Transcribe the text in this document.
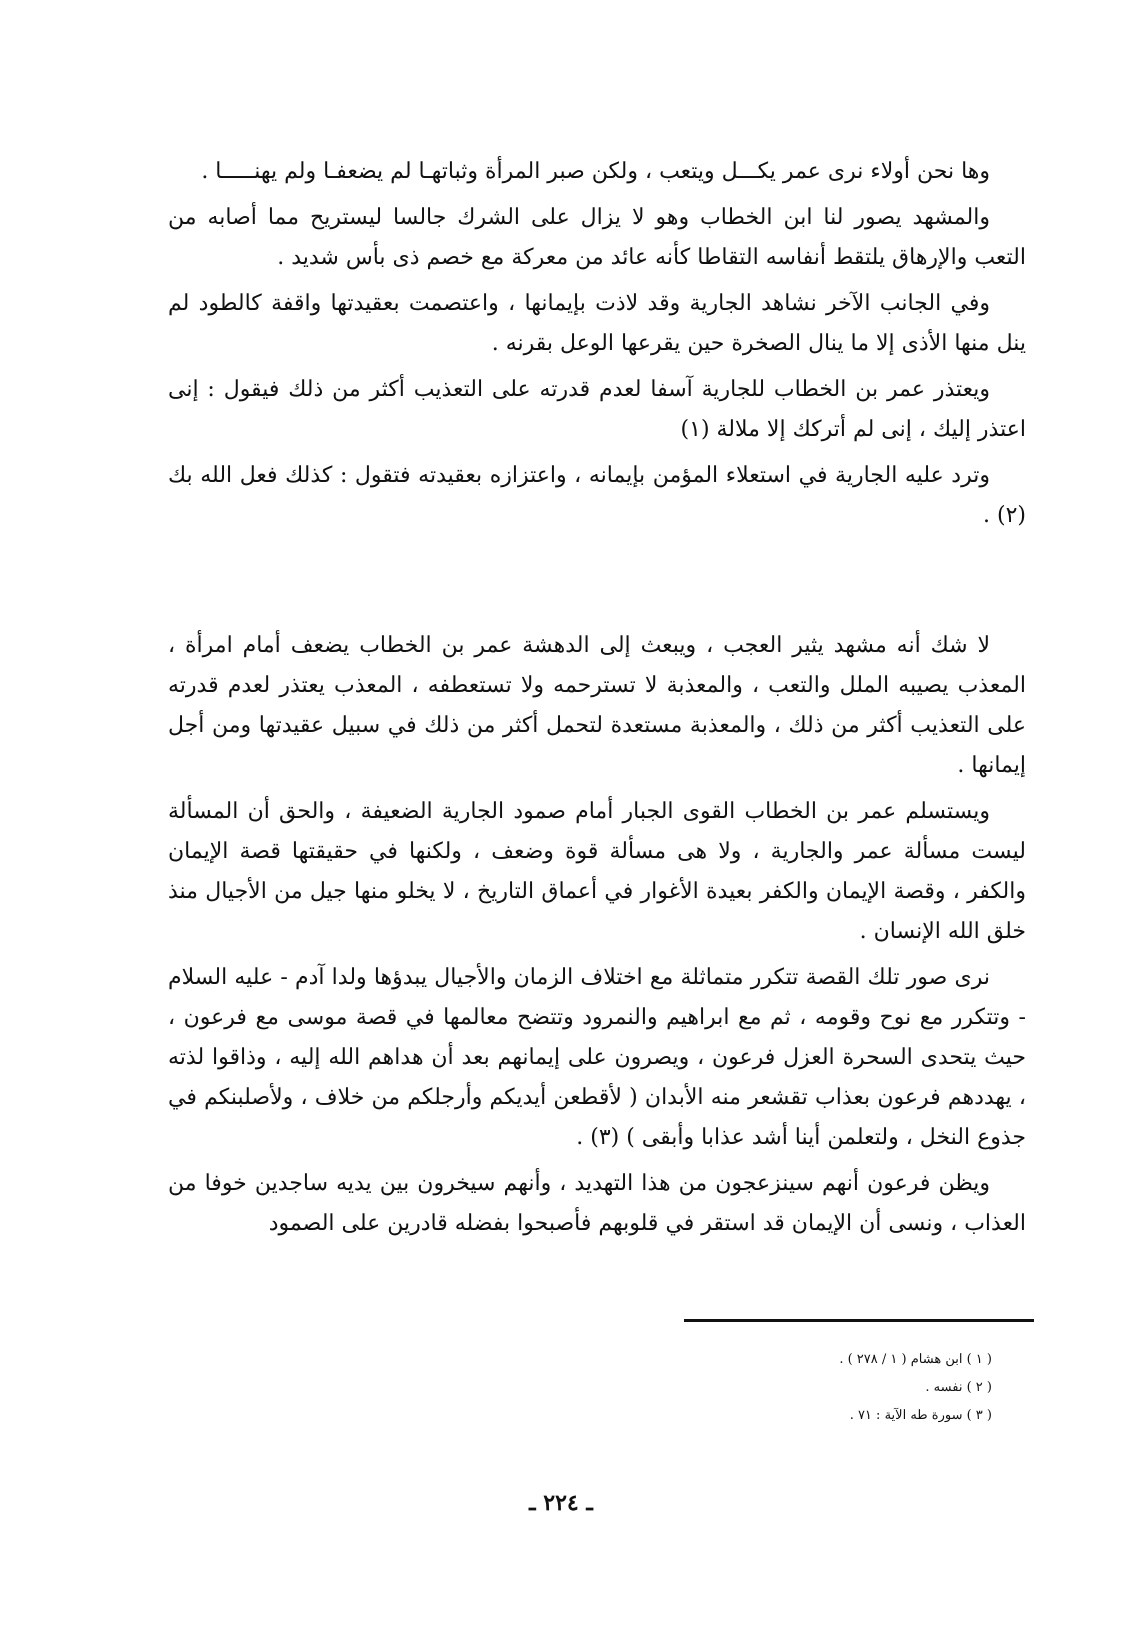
وها نحن أولاء نرى عمر يكـــل ويتعب ، ولكن صبر المرأة وثباتهـا لم يضعفـا ولم يهنـــــا .

والمشهد يصور لنا ابن الخطاب وهو لا يزال على الشرك جالسا ليستريح مما أصابه من التعب والإرهاق يلتقط أنفاسه التقاطا كأنه عائد من معركة مع خصم ذى بأس شديد .

وفي الجانب الآخر نشاهد الجارية وقد لاذت بإيمانها ، واعتصمت بعقيدتها واقفة كالطود لم ينل منها الأذى إلا ما ينال الصخرة حين يقرعها الوعل بقرنه .

ويعتذر عمر بن الخطاب للجارية آسفا لعدم قدرته على التعذيب أكثر من ذلك فيقول : إنى اعتذر إليك ، إنى لم أتركك إلا ملالة (١)

وترد عليه الجارية في استعلاء المؤمن بإيمانه ، واعتزازه بعقيدته فتقول : كذلك فعل الله بك (٢) .

لا شك أنه مشهد يثير العجب ، ويبعث إلى الدهشة عمر بن الخطاب يضعف أمام امرأة ، المعذب يصيبه الملل والتعب ، والمعذبة لا تسترحمه ولا تستعطفه ، المعذب يعتذر لعدم قدرته على التعذيب أكثر من ذلك ، والمعذبة مستعدة لتحمل أكثر من ذلك في سبيل عقيدتها ومن أجل إيمانها .

ويستسلم عمر بن الخطاب القوى الجبار أمام صمود الجارية الضعيفة ، والحق أن المسألة ليست مسألة عمر والجارية ، ولا هى مسألة قوة وضعف ، ولكنها في حقيقتها قصة الإيمان والكفر ، وقصة الإيمان والكفر بعيدة الأغوار في أعماق التاريخ ، لا يخلو منها جيل من الأجيال منذ خلق الله الإنسان .

نرى صور تلك القصة تتكرر متماثلة مع اختلاف الزمان والأجيال يبدؤها ولدا آدم - عليه السلام - وتتكرر مع نوح وقومه ، ثم مع ابراهيم والنمرود وتتضح معالمها في قصة موسى مع فرعون ، حيث يتحدى السحرة العزل فرعون ، ويصرون على إيمانهم بعد أن هداهم الله إليه ، وذاقوا لذته ، يهددهم فرعون بعذاب تقشعر منه الأبدان ( لأقطعن أيديكم وأرجلكم من خلاف ، ولأصلبنكم في جذوع النخل ، ولتعلمن أينا أشد عذابا وأبقى ) (٣) .

ويظن فرعون أنهم سينزعجون من هذا التهديد ، وأنهم سيخرون بين يديه ساجدين خوفا من العذاب ، ونسى أن الإيمان قد استقر في قلوبهم فأصبحوا بفضله قادرين على الصمود

( ١ ) ابن هشام ( ١ / ٢٧٨ ) .
( ٢ ) نفسه .
( ٣ ) سورة طه الآية : ٧١ .
ـ ٢٢٤ ـ
